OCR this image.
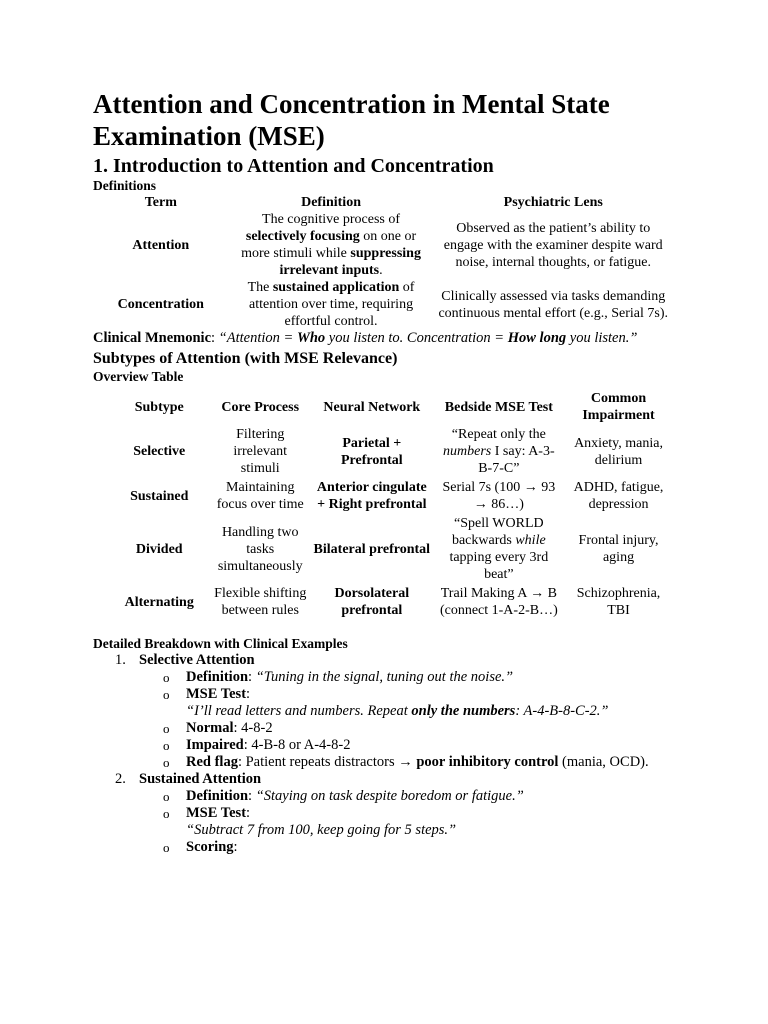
Attention and Concentration in Mental State Examination (MSE)
1. Introduction to Attention and Concentration

Definitions

Term	Definition	Psychiatric Lens
Attention	The cognitive process of selectively focusing on one or more stimuli while suppressing irrelevant inputs.	Observed as the patient’s ability to engage with the examiner despite ward noise, internal thoughts, or fatigue.
Concentration	The sustained application of attention over time, requiring effortful control.	Clinically assessed via tasks demanding continuous mental effort (e.g., Serial 7s).
Clinical Mnemonic: “Attention = Who you listen to. Concentration = How long you listen.”
Subtypes of Attention (with MSE Relevance)

Overview Table

Subtype	Core Process	Neural Network	Bedside MSE Test	Common Impairment
Selective	Filtering irrelevant stimuli	Parietal + Prefrontal	“Repeat only the numbers I say: A-3-B-7-C”	Anxiety, mania, delirium
Sustained	Maintaining focus over time	Anterior cingulate + Right prefrontal	Serial 7s (100 → 93 → 86…)	ADHD, fatigue, depression
Divided	Handling two tasks simultaneously	Bilateral prefrontal	“Spell WORLD backwards while tapping every 3rd beat”	Frontal injury, aging
Alternating	Flexible shifting between rules	Dorsolateral prefrontal	Trail Making A → B (connect 1-A-2-B…)	Schizophrenia, TBI

Detailed Breakdown with Clinical Examples

1. Selective Attention
o Definition: “Tuning in the signal, tuning out the noise.”
o MSE Test:
“I’ll read letters and numbers. Repeat only the numbers: A-4-B-8-C-2.”
o Normal: 4-8-2
o Impaired: 4-B-8 or A-4-8-2
o Red flag: Patient repeats distractors → poor inhibitory control (mania, OCD).
2. Sustained Attention
o Definition: “Staying on task despite boredom or fatigue.”
o MSE Test:
“Subtract 7 from 100, keep going for 5 steps.”
o Scoring:
